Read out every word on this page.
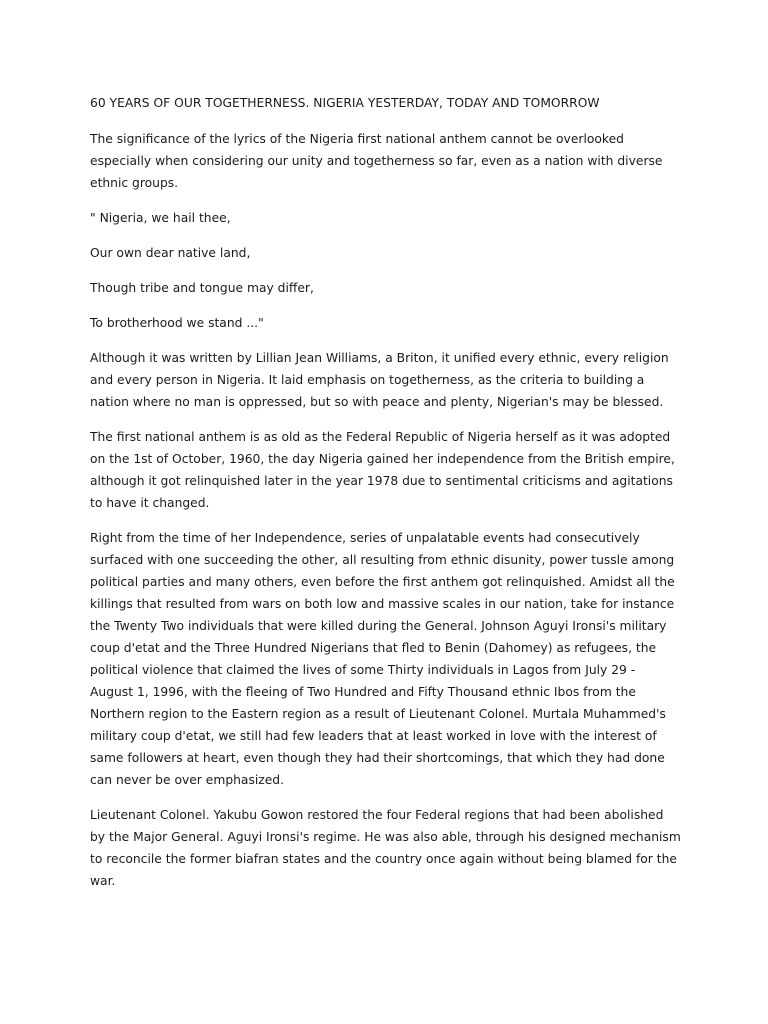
60 YEARS OF OUR TOGETHERNESS. NIGERIA YESTERDAY, TODAY AND TOMORROW

The significance of the lyrics of the Nigeria first national anthem cannot be overlooked especially when considering our unity and togetherness so far, even as a nation with diverse ethnic groups.

" Nigeria, we hail thee,

Our own dear native land,

Though tribe and tongue may differ,

To brotherhood we stand ..."

Although it was written by Lillian Jean Williams, a Briton, it unified every ethnic, every religion and every person in Nigeria. It laid emphasis on togetherness, as the criteria to building a nation where no man is oppressed, but so with peace and plenty, Nigerian's may be blessed.

The first national anthem is as old as the Federal Republic of Nigeria herself as it was adopted on the 1st of October, 1960, the day Nigeria gained her independence from the British empire, although it got relinquished later in the year 1978 due to sentimental criticisms and agitations to have it changed.

Right from the time of her Independence, series of unpalatable events had consecutively surfaced with one succeeding the other, all resulting from ethnic disunity, power tussle among political parties and many others, even before the first anthem got relinquished. Amidst all the killings that resulted from wars on both low and massive scales in our nation, take for instance the Twenty Two individuals that were killed during the General. Johnson Aguyi Ironsi's military coup d'etat and the Three Hundred Nigerians that fled to Benin (Dahomey) as refugees, the political violence that claimed the lives of some Thirty individuals in Lagos from July 29 - August 1, 1996, with the fleeing of Two Hundred and Fifty Thousand ethnic Ibos from the Northern region to the Eastern region as a result of Lieutenant Colonel. Murtala Muhammed's military coup d'etat, we still had few leaders that at least worked in love with the interest of same followers at heart, even though they had their shortcomings, that which they had done can never be over emphasized.

Lieutenant Colonel. Yakubu Gowon restored the four Federal regions that had been abolished by the Major General. Aguyi Ironsi's regime. He was also able, through his designed mechanism to reconcile the former biafran states and the country once again without being blamed for the war.
